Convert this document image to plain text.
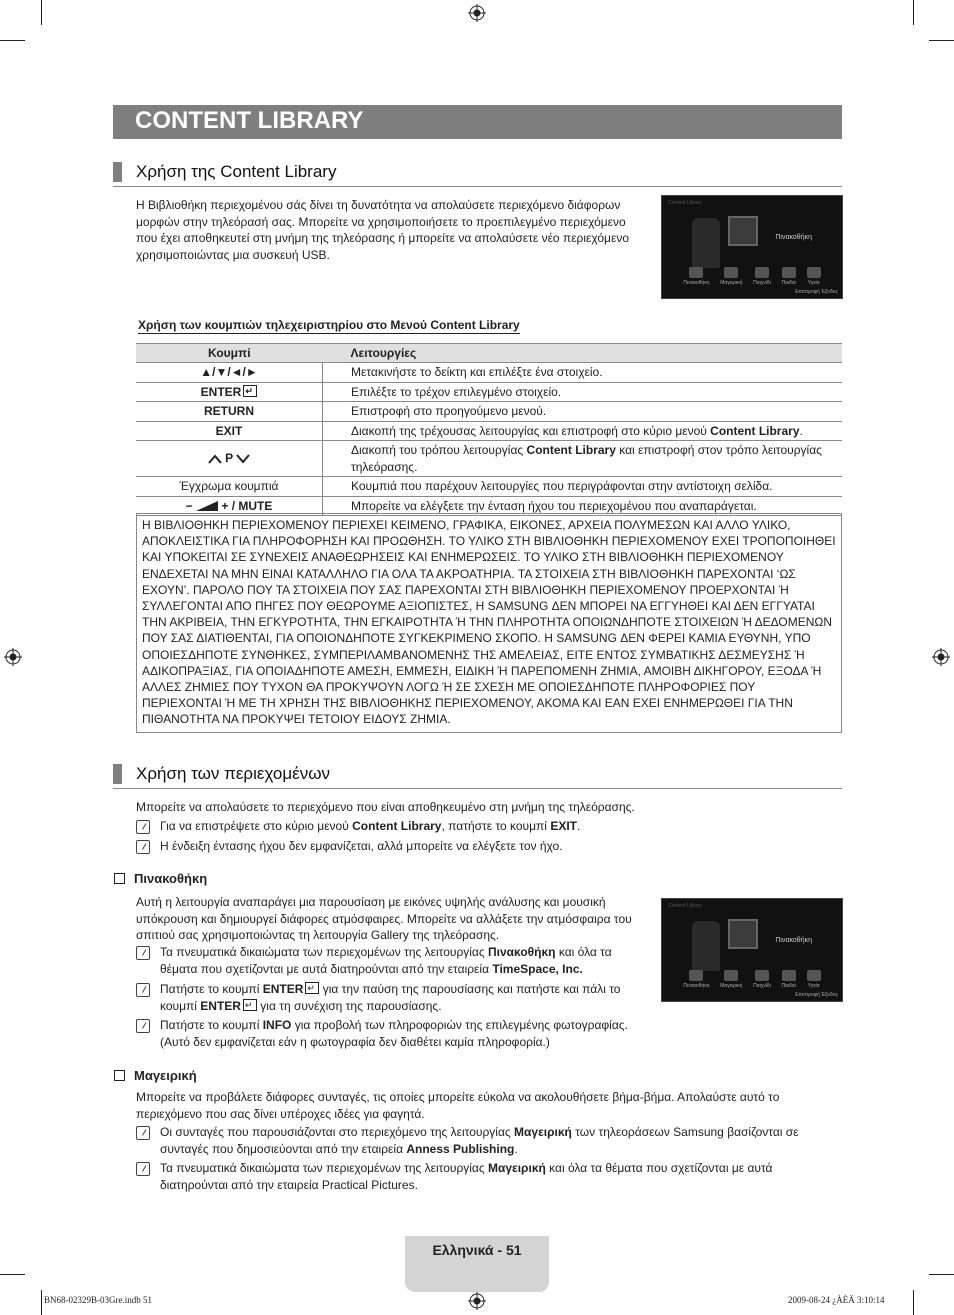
CONTENT LIBRARY
Χρήση της Content Library
Η Βιβλιοθήκη περιεχομένου σάς δίνει τη δυνατότητα να απολαύσετε περιεχόμενο διάφορων
μορφών στην τηλεόρασή σας. Μπορείτε να χρησιμοποιήσετε το προεπιλεγμένο περιεχόμενο
που έχει αποθηκευτεί στη μνήμη της τηλεόρασης ή μπορείτε να απολαύσετε νέο περιεχόμενο
χρησιμοποιώντας μια συσκευή USB.
Content Library
Πινακοθήκη
Πινακοθήκη Μαγειρική Παιχνίδι Παιδιά Υγεία
Επιστροφή Έξοδος
Χρήση των κουμπιών τηλεχειριστηρίου στο Μενού Content Library
Κουμπί	Λειτουργίες
▲/▼/◄/►	Μετακινήστε το δείκτη και επιλέξτε ένα στοιχείο.
ENTER↵	Επιλέξτε το τρέχον επιλεγμένο στοιχείο.
RETURN	Επιστροφή στο προηγούμενο μενού.
EXIT	Διακοπή της τρέχουσας λειτουργίας και επιστροφή στο κύριο μενού Content Library.
P	Διακοπή του τρόπου λειτουργίας Content Library και επιστροφή στον τρόπο λειτουργίας τηλεόρασης.
Έγχρωμα κουμπιά	Κουμπιά που παρέχουν λειτουργίες που περιγράφονται στην αντίστοιχη σελίδα.
− + / MUTE	Μπορείτε να ελέγξετε την ένταση ήχου του περιεχομένου που αναπαράγεται.
Η ΒΙΒΛΙΟΘΗΚΗ ΠΕΡΙΕΧΟΜΕΝΟΥ ΠΕΡΙΕΧΕΙ ΚΕΙΜΕΝΟ, ΓΡΑΦΙΚΑ, ΕΙΚΟΝΕΣ, ΑΡΧΕΙΑ ΠΟΛΥΜΕΣΩΝ ΚΑΙ ΑΛΛΟ ΥΛΙΚΟ, ΑΠΟΚΛΕΙΣΤΙΚΑ ΓΙΑ ΠΛΗΡΟΦΟΡΗΣΗ ΚΑΙ ΠΡΟΩΘΗΣΗ. ΤΟ ΥΛΙΚΟ ΣΤΗ ΒΙΒΛΙΟΘΗΚΗ ΠΕΡΙΕΧΟΜΕΝΟΥ ΕΧΕΙ ΤΡΟΠΟΠΟΙΗΘΕΙ ΚΑΙ ΥΠΟΚΕΙΤΑΙ ΣΕ ΣΥΝΕΧΕΙΣ ΑΝΑΘΕΩΡΗΣΕΙΣ ΚΑΙ ΕΝΗΜΕΡΩΣΕΙΣ. ΤΟ ΥΛΙΚΟ ΣΤΗ ΒΙΒΛΙΟΘΗΚΗ ΠΕΡΙΕΧΟΜΕΝΟΥ ΕΝΔΕΧΕΤΑΙ ΝΑ ΜΗΝ ΕΙΝΑΙ ΚΑΤΑΛΛΗΛΟ ΓΙΑ ΟΛΑ ΤΑ ΑΚΡΟΑΤΗΡΙΑ. ΤΑ ΣΤΟΙΧΕΙΑ ΣΤΗ ΒΙΒΛΙΟΘΗΚΗ ΠΑΡΕΧΟΝΤΑΙ ‘ΩΣ ΕΧΟΥΝ’. ΠΑΡΟΛΟ ΠΟΥ ΤΑ ΣΤΟΙΧΕΙΑ ΠΟΥ ΣΑΣ ΠΑΡΕΧΟΝΤΑΙ ΣΤΗ ΒΙΒΛΙΟΘΗΚΗ ΠΕΡΙΕΧΟΜΕΝΟΥ ΠΡΟΕΡΧΟΝΤΑΙ Ή ΣΥΛΛΕΓΟΝΤΑΙ ΑΠΟ ΠΗΓΕΣ ΠΟΥ ΘΕΩΡΟΥΜΕ ΑΞΙΟΠΙΣΤΕΣ, Η SAMSUNG ΔΕΝ ΜΠΟΡΕΙ ΝΑ ΕΓΓΥΗΘΕΙ ΚΑΙ ΔΕΝ ΕΓΓΥΑΤΑΙ ΤΗΝ ΑΚΡΙΒΕΙΑ, ΤΗΝ ΕΓΚΥΡΟΤΗΤΑ, ΤΗΝ ΕΓΚΑΙΡΟΤΗΤΑ Ή ΤΗΝ ΠΛΗΡΟΤΗΤΑ ΟΠΟΙΩΝΔΗΠΟΤΕ ΣΤΟΙΧΕΙΩΝ Ή ΔΕΔΟΜΕΝΩΝ ΠΟΥ ΣΑΣ ΔΙΑΤΙΘΕΝΤΑΙ, ΓΙΑ ΟΠΟΙΟΝΔΗΠΟΤΕ ΣΥΓΚΕΚΡΙΜΕΝΟ ΣΚΟΠΟ. Η SAMSUNG ΔΕΝ ΦΕΡΕΙ ΚΑΜΙΑ ΕΥΘΥΝΗ, ΥΠΟ ΟΠΟΙΕΣΔΗΠΟΤΕ ΣΥΝΘΗΚΕΣ, ΣΥΜΠΕΡΙΛΑΜΒΑΝΟΜΕΝΗΣ ΤΗΣ ΑΜΕΛΕΙΑΣ, ΕΙΤΕ ΕΝΤΟΣ ΣΥΜΒΑΤΙΚΗΣ ΔΕΣΜΕΥΣΗΣ Ή ΑΔΙΚΟΠΡΑΞΙΑΣ, ΓΙΑ ΟΠΟΙΑΔΗΠΟΤΕ ΑΜΕΣΗ, ΕΜΜΕΣΗ, ΕΙΔΙΚΗ Ή ΠΑΡΕΠΟΜΕΝΗ ΖΗΜΙΑ, ΑΜΟΙΒΗ ΔΙΚΗΓΟΡΟΥ, ΕΞΟΔΑ Ή ΑΛΛΕΣ ΖΗΜΙΕΣ ΠΟΥ ΤΥΧΟΝ ΘΑ ΠΡΟΚΥΨΟΥΝ ΛΟΓΩ Ή ΣΕ ΣΧΕΣΗ ΜΕ ΟΠΟΙΕΣΔΗΠΟΤΕ ΠΛΗΡΟΦΟΡΙΕΣ ΠΟΥ ΠΕΡΙΕΧΟΝΤΑΙ Ή ΜΕ ΤΗ ΧΡΗΣΗ ΤΗΣ ΒΙΒΛΙΟΘΗΚΗΣ ΠΕΡΙΕΧΟΜΕΝΟΥ, ΑΚΟΜΑ ΚΑΙ ΕΑΝ ΕΧΕΙ ΕΝΗΜΕΡΩΘΕΙ ΓΙΑ ΤΗΝ ΠΙΘΑΝΟΤΗΤΑ ΝΑ ΠΡΟΚΥΨΕΙ ΤΕΤΟΙΟΥ ΕΙΔΟΥΣ ΖΗΜΙΑ.
Χρήση των περιεχομένων
Μπορείτε να απολαύσετε το περιεχόμενο που είναι αποθηκευμένο στη μνήμη της τηλεόρασης.
Για να επιστρέψετε στο κύριο μενού Content Library, πατήστε το κουμπί EXIT.
Η ένδειξη έντασης ήχου δεν εμφανίζεται, αλλά μπορείτε να ελέγξετε τον ήχο.
Πινακοθήκη
Αυτή η λειτουργία αναπαράγει μια παρουσίαση με εικόνες υψηλής ανάλυσης και μουσική
υπόκρουση και δημιουργεί διάφορες ατμόσφαιρες. Μπορείτε να αλλάξετε την ατμόσφαιρα του
σπιτιού σας χρησιμοποιώντας τη λειτουργία Gallery της τηλεόρασης.
Content Library
Πινακοθήκη
Πινακοθήκη Μαγειρική Παιχνίδι Παιδιά Υγεία
Επιστροφή Έξοδος
Τα πνευματικά δικαιώματα των περιεχομένων της λειτουργίας Πινακοθήκη και όλα τα
θέματα που σχετίζονται με αυτά διατηρούνται από την εταιρεία TimeSpace, Inc.
Πατήστε το κουμπί ENTER↵ για την παύση της παρουσίασης και πατήστε και πάλι το
κουμπί ENTER↵ για τη συνέχιση της παρουσίασης.
Πατήστε το κουμπί INFO για προβολή των πληροφοριών της επιλεγμένης φωτογραφίας.
(Αυτό δεν εμφανίζεται εάν η φωτογραφία δεν διαθέτει καμία πληροφορία.)
Μαγειρική
Μπορείτε να προβάλετε διάφορες συνταγές, τις οποίες μπορείτε εύκολα να ακολουθήσετε βήμα-βήμα. Απολαύστε αυτό το
περιεχόμενο που σας δίνει υπέροχες ιδέες για φαγητά.
Οι συνταγές που παρουσιάζονται στο περιεχόμενο της λειτουργίας Μαγειρική των τηλεοράσεων Samsung βασίζονται σε
συνταγές που δημοσιεύονται από την εταιρεία Anness Publishing.
Τα πνευματικά δικαιώματα των περιεχομένων της λειτουργίας Μαγειρική και όλα τα θέματα που σχετίζονται με αυτά
διατηρούνται από την εταιρεία Practical Pictures.
Ελληνικά - 51
BN68-02329B-03Gre.indb 51	2009-08-24 ¿ÀÈÄ 3:10:14
